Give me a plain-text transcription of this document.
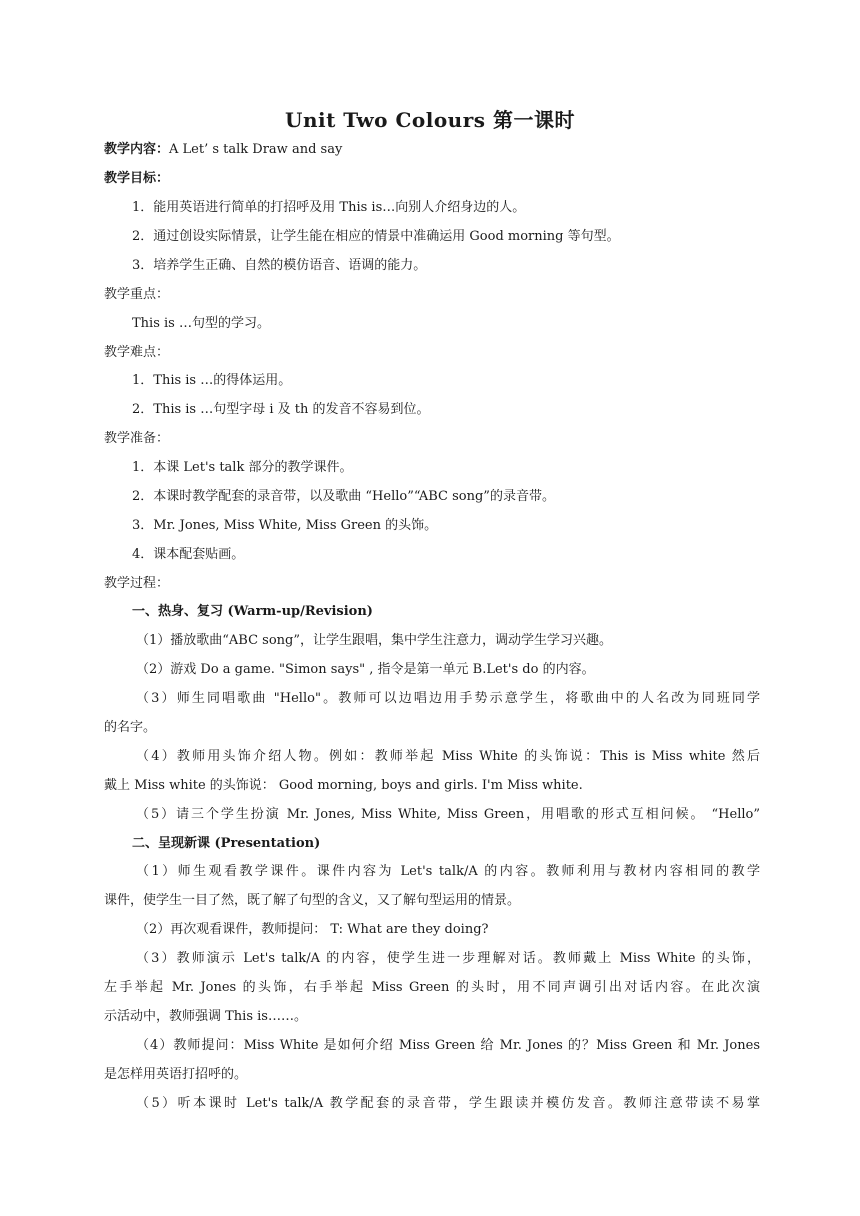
Unit Two Colours 第一课时
教学内容：A Let’ s talk Draw and say
教学目标：
1．能用英语进行简单的打招呼及用 This is…向别人介绍身边的人。
2．通过创设实际情景，让学生能在相应的情景中准确运用 Good morning 等句型。
3．培养学生正确、自然的模仿语音、语调的能力。
教学重点：
This is …句型的学习。
教学难点：
1．This is …的得体运用。
2．This is …句型字母 i 及 th 的发音不容易到位。
教学准备：
1．本课 Let's talk 部分的教学课件。
2．本课时教学配套的录音带，以及歌曲 “Hello”“ABC song”的录音带。
3．Mr. Jones, Miss White, Miss Green 的头饰。
4．课本配套贴画。
教学过程：
一、热身、复习 (Warm-up/Revision)
（1）播放歌曲“ABC song”，让学生跟唱，集中学生注意力，调动学生学习兴趣。
（2）游戏 Do a game. "Simon says" , 指令是第一单元 B.Let's do 的内容。
（3）师生同唱歌曲 "Hello"。教师可以边唱边用手势示意学生，将歌曲中的人名改为同班同学
的名字。
（4）教师用头饰介绍人物。例如：教师举起 Miss White 的头饰说：This is Miss white 然后
戴上 Miss white 的头饰说： Good morning, boys and girls. I'm Miss white.
（5）请三个学生扮演 Mr. Jones, Miss White, Miss Green，用唱歌的形式互相问候。 “Hello”
二、呈现新课 (Presentation)
（1）师生观看教学课件。课件内容为 Let's talk/A 的内容。教师利用与教材内容相同的教学
课件，使学生一目了然，既了解了句型的含义，又了解句型运用的情景。
（2）再次观看课件，教师提问： T: What are they doing?
（3）教师演示 Let's talk/A 的内容，使学生进一步理解对话。教师戴上 Miss White 的头饰，
左手举起 Mr. Jones 的头饰，右手举起 Miss Green 的头时，用不同声调引出对话内容。在此次演
示活动中，教师强调 This is……。
（4）教师提问：Miss White 是如何介绍 Miss Green 给 Mr. Jones 的？Miss Green 和 Mr. Jones
是怎样用英语打招呼的。
（5）听本课时 Let's talk/A 教学配套的录音带，学生跟读并模仿发音。教师注意带读不易掌
